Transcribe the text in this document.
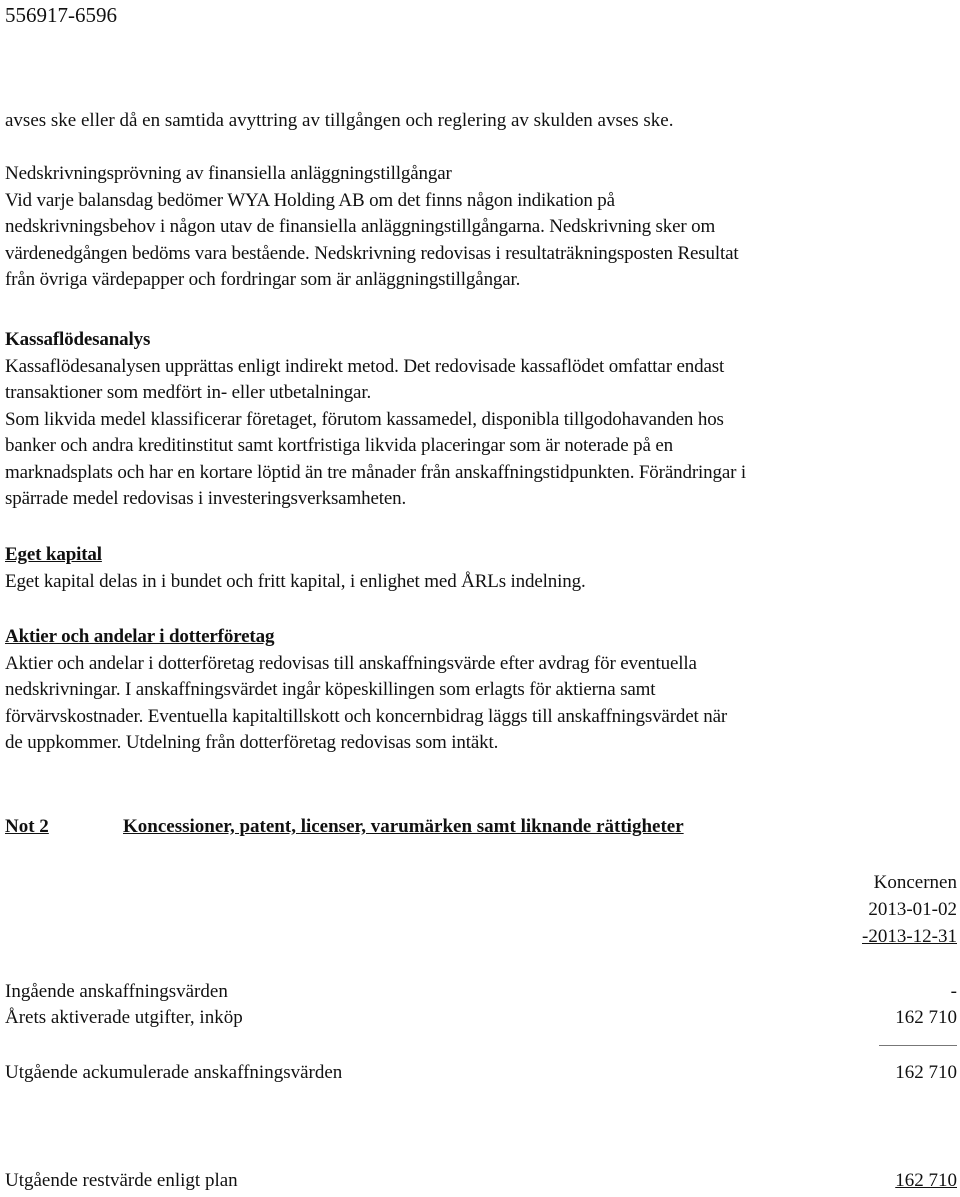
556917-6596
avses ske eller då en samtida avyttring av tillgången och reglering av skulden avses ske.
Nedskrivningsprövning av finansiella anläggningstillgångar
Vid varje balansdag bedömer WYA Holding AB om det finns någon indikation på
nedskrivningsbehov i någon utav de finansiella anläggningstillgångarna. Nedskrivning sker om
värdenedgången bedöms vara bestående. Nedskrivning redovisas i resultaträkningsposten Resultat
från övriga värdepapper och fordringar som är anläggningstillgångar.
Kassaflödesanalys
Kassaflödesanalysen upprättas enligt indirekt metod. Det redovisade kassaflödet omfattar endast
transaktioner som medfört in- eller utbetalningar.
Som likvida medel klassificerar företaget, förutom kassamedel, disponibla tillgodohavanden hos
banker och andra kreditinstitut samt kortfristiga likvida placeringar som är noterade på en
marknadsplats och har en kortare löptid än tre månader från anskaffningstidpunkten. Förändringar i
spärrade medel redovisas i investeringsverksamheten.
Eget kapital
Eget kapital delas in i bundet och fritt kapital, i enlighet med ÅRLs indelning.
Aktier och andelar i dotterföretag
Aktier och andelar i dotterföretag redovisas till anskaffningsvärde efter avdrag för eventuella
nedskrivningar. I anskaffningsvärdet ingår köpeskillingen som erlagts för aktierna samt
förvärvskostnader. Eventuella kapitaltillskott och koncernbidrag läggs till anskaffningsvärdet när
de uppkommer. Utdelning från dotterföretag redovisas som intäkt.
Not 2	Koncessioner, patent, licenser, varumärken samt liknande rättigheter
Koncernen
2013-01-02
-2013-12-31
Ingående anskaffningsvärden	-
Årets aktiverade utgifter, inköp	162 710
Utgående ackumulerade anskaffningsvärden	162 710
Utgående restvärde enligt plan	162 710
